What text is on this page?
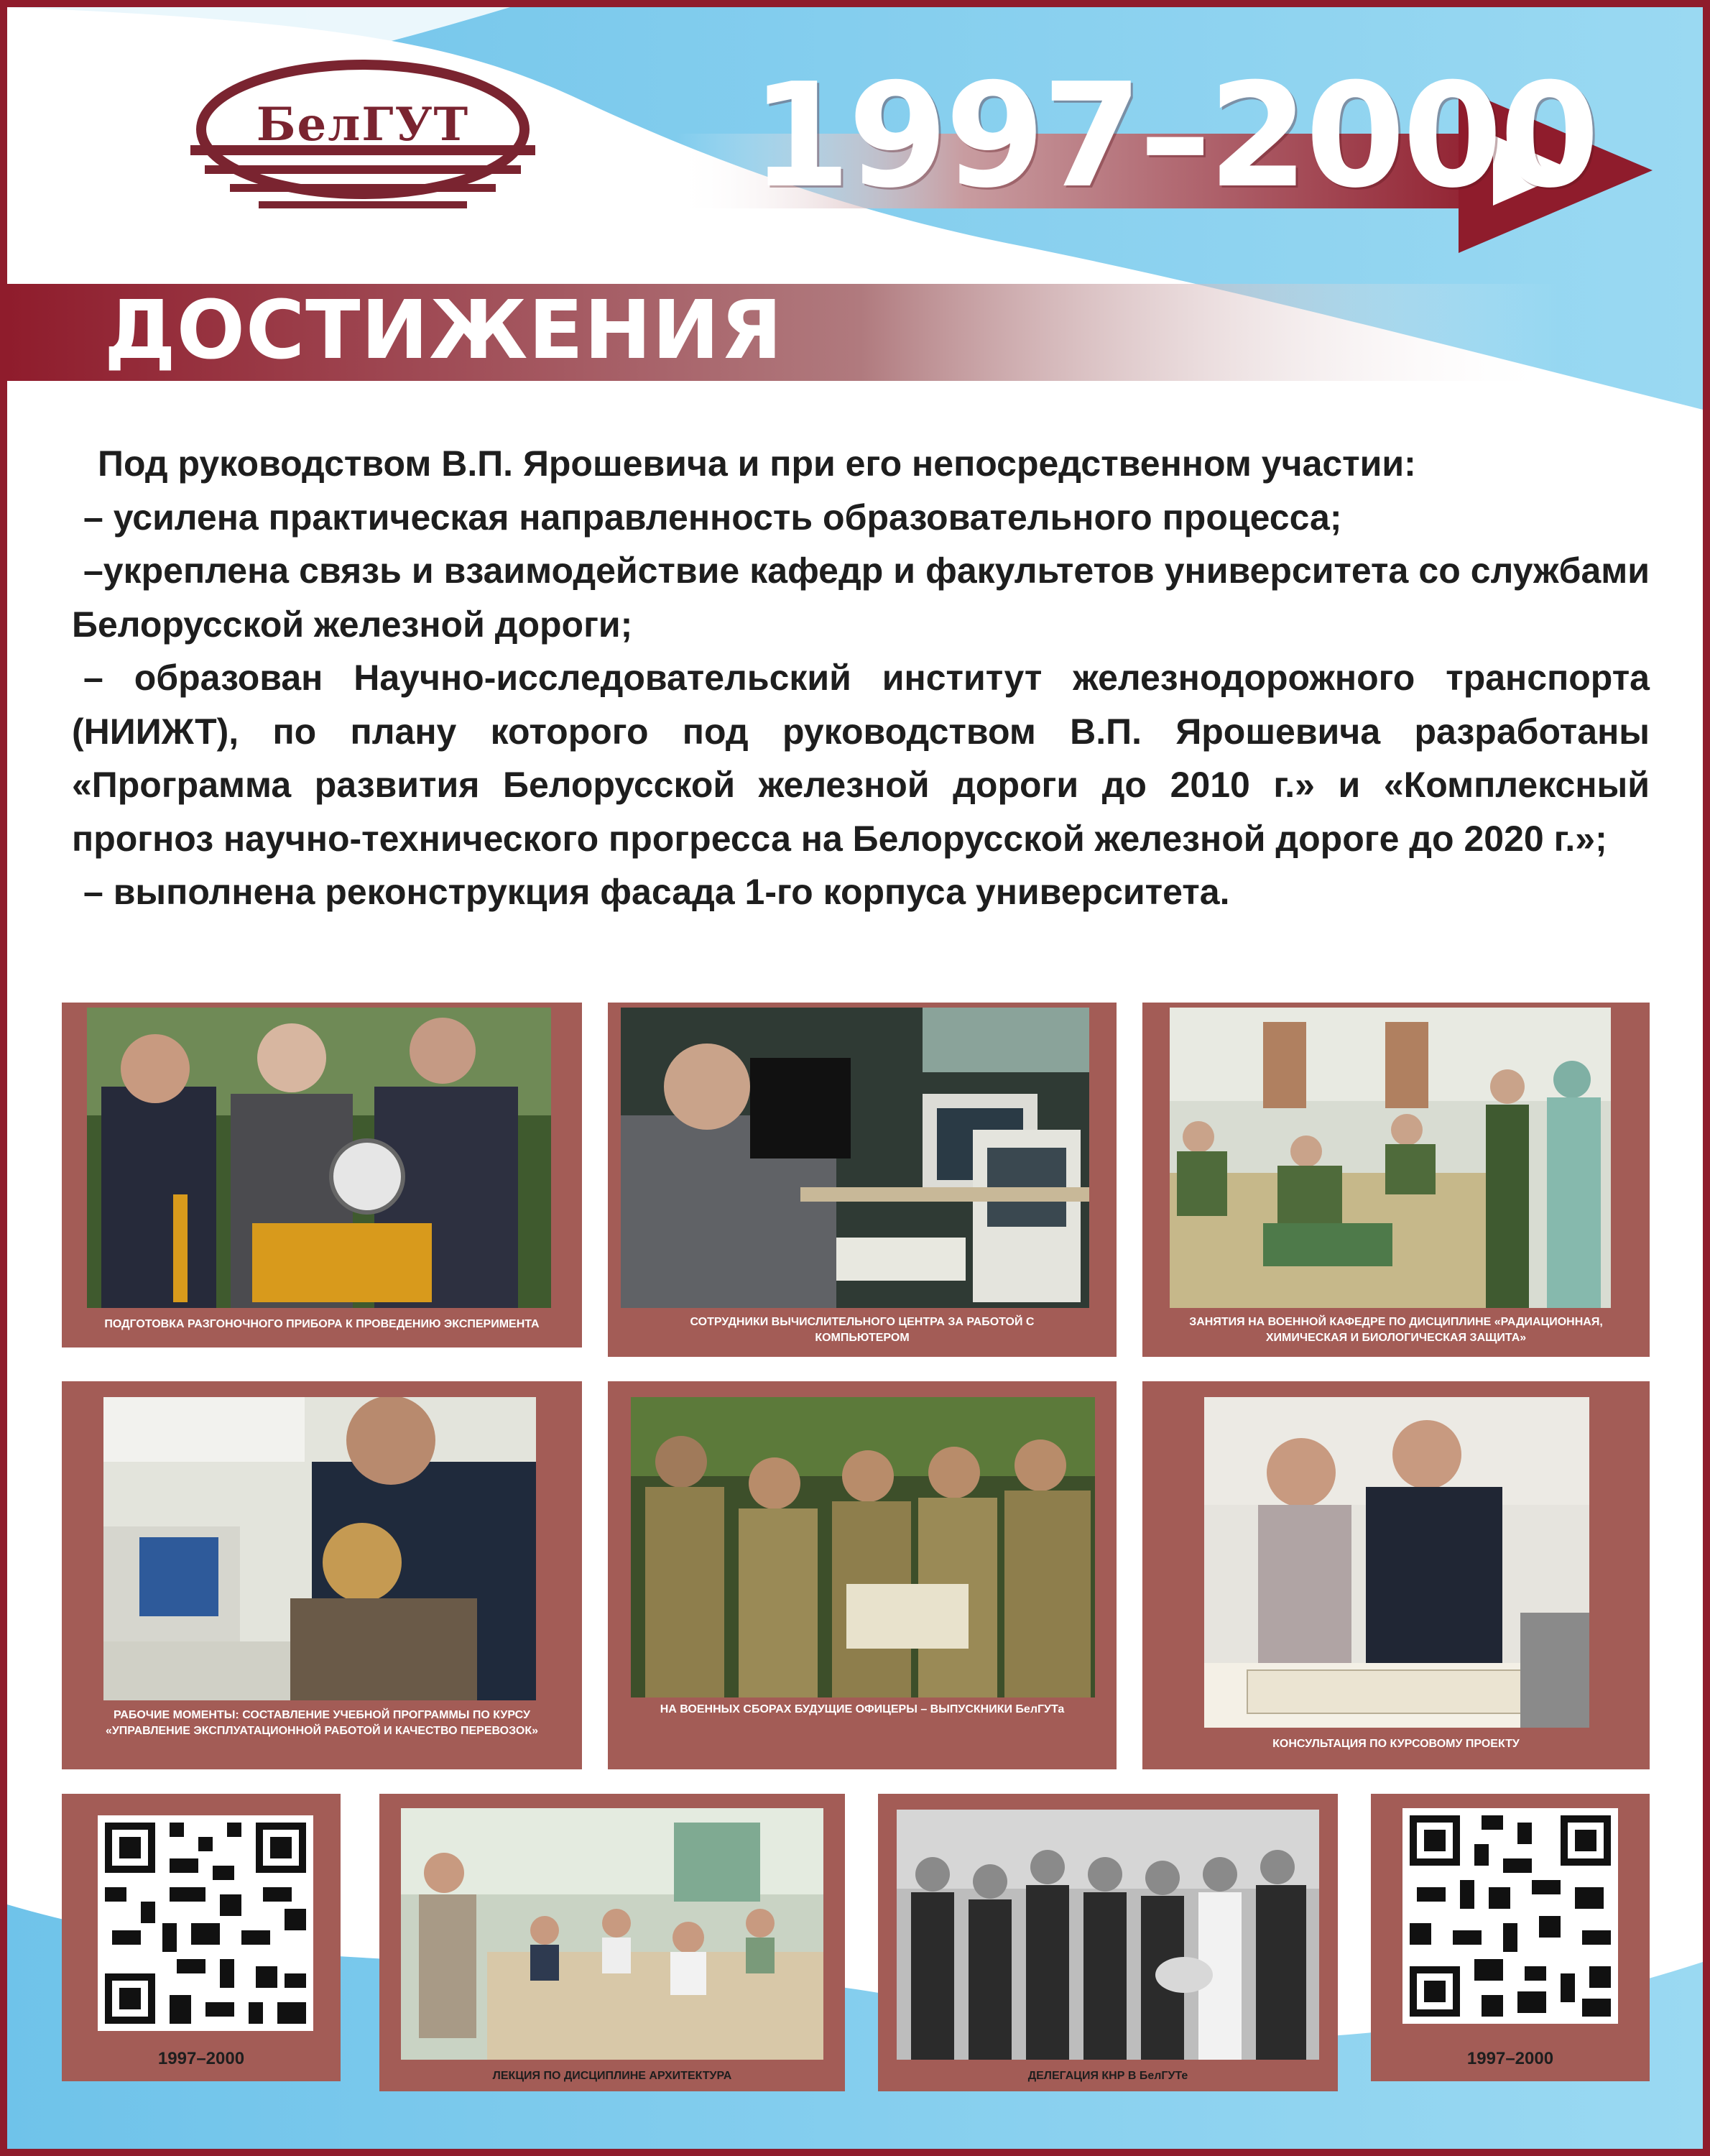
БелГУТ	1997–2000
ДОСТИЖЕНИЯ

Под руководством В.П. Ярошевича и при его непосредственном участии:

– усилена практическая направленность образовательного процесса;

–укреплена связь и взаимодействие кафедр и факультетов университета со службами Белорусской железной дороги;

– образован Научно-исследовательский институт железнодорожного транспорта (НИИЖТ), по плану которого под руководством В.П. Ярошевича разработаны «Программа развития Белорусской железной дороги до 2010 г.» и «Комплексный прогноз научно-технического прогресса на Белорусской железной дороге до 2020 г.»;

– выполнена реконструкция фасада 1-го корпуса университета.

ПОДГОТОВКА РАЗГОНОЧНОГО ПРИБОРА К ПРОВЕДЕНИЮ ЭКСПЕРИМЕНТА	СОТРУДНИКИ ВЫЧИСЛИТЕЛЬНОГО ЦЕНТРА ЗА РАБОТОЙ С КОМПЬЮТЕРОМ
ЗАНЯТИЯ НА ВОЕННОЙ КАФЕДРЕ ПО ДИСЦИПЛИНЕ «РАДИАЦИОННАЯ, ХИМИЧЕСКАЯ И БИОЛОГИЧЕСКАЯ ЗАЩИТА»
РАБОЧИЕ МОМЕНТЫ: СОСТАВЛЕНИЕ УЧЕБНОЙ ПРОГРАММЫ ПО КУРСУ «УПРАВЛЕНИЕ ЭКСПЛУАТАЦИОННОЙ РАБОТОЙ И КАЧЕСТВО ПЕРЕВОЗОК»
НА ВОЕННЫХ СБОРАХ БУДУЩИЕ ОФИЦЕРЫ – ВЫПУСКНИКИ БелГУТа
КОНСУЛЬТАЦИЯ ПО КУРСОВОМУ ПРОЕКТУ
1997–2000
ЛЕКЦИЯ ПО ДИСЦИПЛИНЕ АРХИТЕКТУРА	ДЕЛЕГАЦИЯ КНР В БелГУТе
1997–2000
